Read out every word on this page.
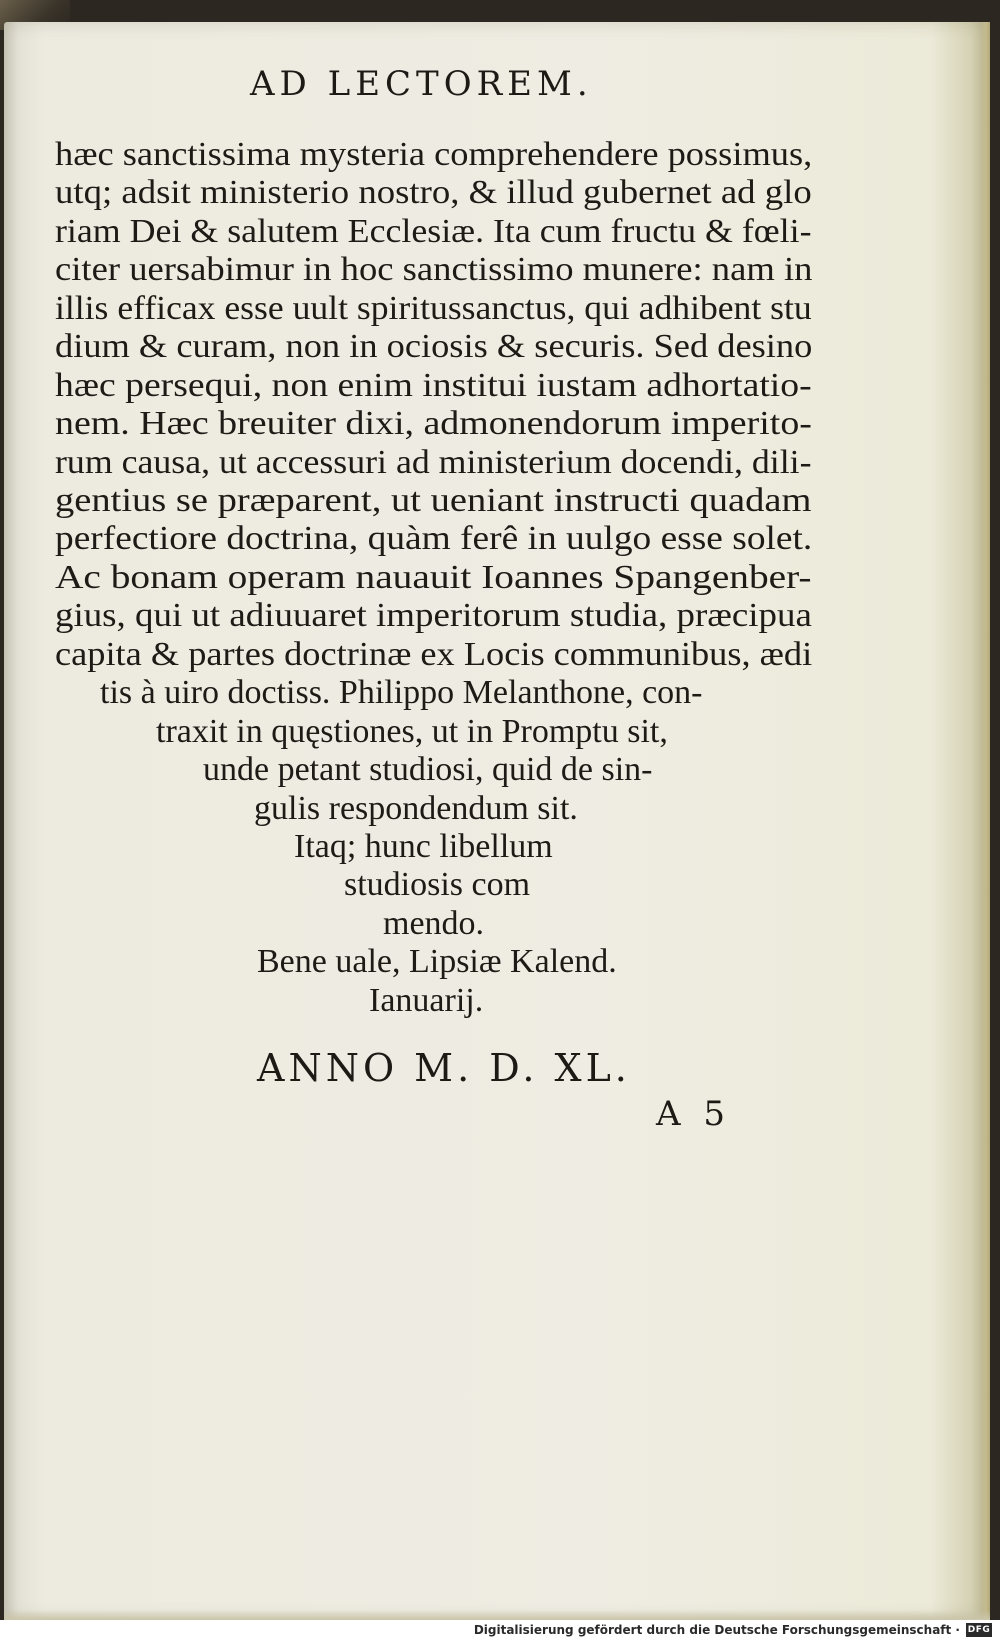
AD LECTOREM.
hæc sanctissima mysteria comprehendere possimus,
utq; adsit ministerio nostro, & illud gubernet ad glo
riam Dei & salutem Ecclesiæ. Ita cum fructu & fœli-
citer uersabimur in hoc sanctissimo munere: nam in
illis efficax esse uult spiritussanctus, qui adhibent stu
dium & curam, non in ociosis & securis. Sed desino
hæc persequi, non enim institui iustam adhortatio-
nem. Hæc breuiter dixi, admonendorum imperito-
rum causa, ut accessuri ad ministerium docendi, dili-
gentius se præparent, ut ueniant instructi quadam
perfectiore doctrina, quàm ferê in uulgo esse solet.
Ac bonam operam nauauit Ioannes Spangenber-
gius, qui ut adiuuaret imperitorum studia, præcipua
capita & partes doctrinæ ex Locis communibus, ædi
tis à uiro doctiss. Philippo Melanthone, con-
traxit in quęstiones, ut in Promptu sit,
unde petant studiosi, quid de sin-
gulis respondendum sit.
Itaq; hunc libellum
studiosis com
mendo.
Bene uale, Lipsiæ Kalend.
Ianuarij.
ANNO M. D. XL.
A 5
Digitalisierung gefördert durch die Deutsche Forschungsgemeinschaft · DFG
